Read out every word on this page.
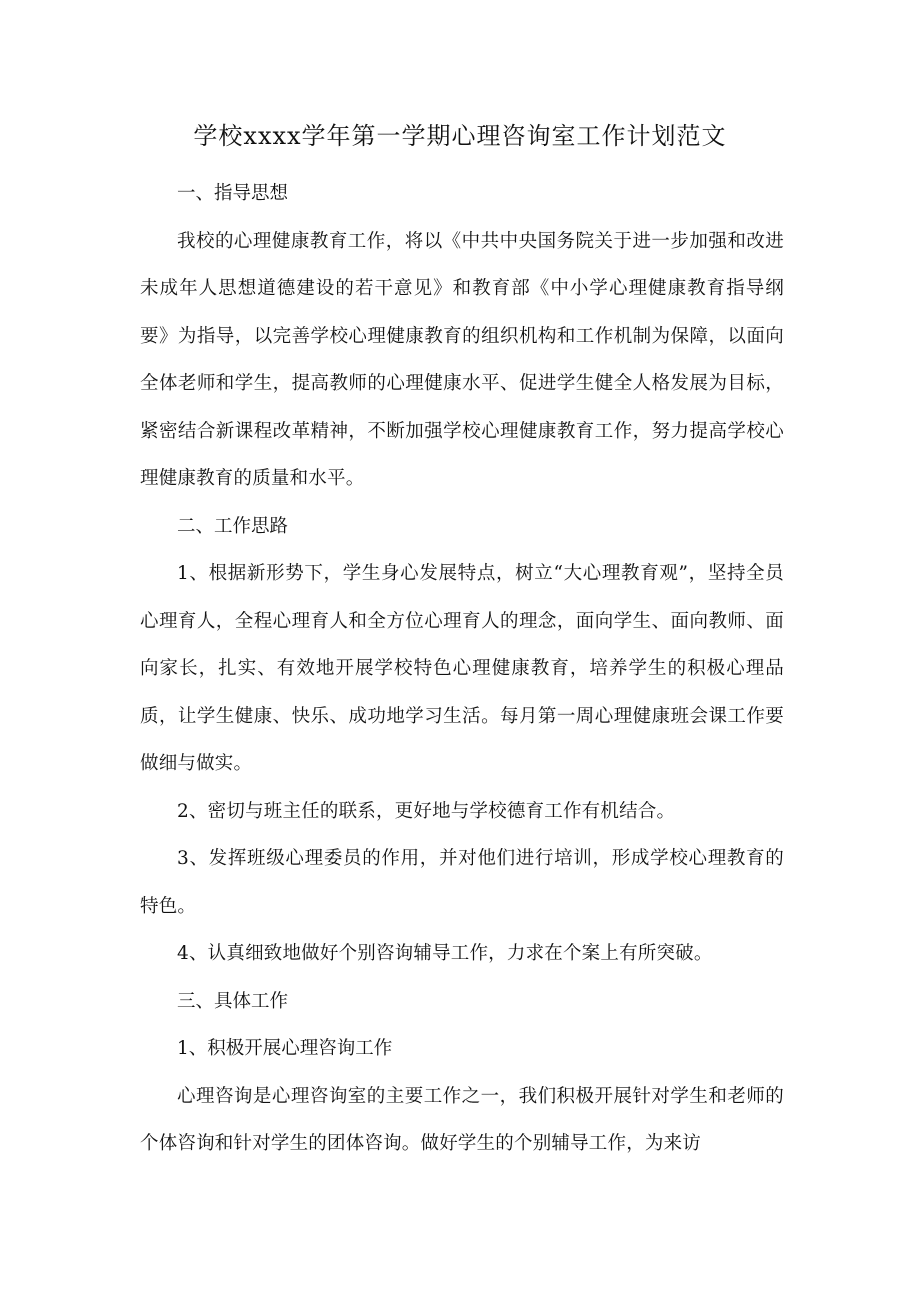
学校xxxx学年第一学期心理咨询室工作计划范文

一、指导思想

我校的心理健康教育工作，将以《中共中央国务院关于进一步加强和改进未成年人思想道德建设的若干意见》和教育部《中小学心理健康教育指导纲要》为指导，以完善学校心理健康教育的组织机构和工作机制为保障，以面向全体老师和学生，提高教师的心理健康水平、促进学生健全人格发展为目标，紧密结合新课程改革精神，不断加强学校心理健康教育工作，努力提高学校心理健康教育的质量和水平。

二、工作思路

1、根据新形势下，学生身心发展特点，树立“大心理教育观”，坚持全员心理育人，全程心理育人和全方位心理育人的理念，面向学生、面向教师、面向家长，扎实、有效地开展学校特色心理健康教育，培养学生的积极心理品质，让学生健康、快乐、成功地学习生活。每月第一周心理健康班会课工作要做细与做实。

2、密切与班主任的联系，更好地与学校德育工作有机结合。

3、发挥班级心理委员的作用，并对他们进行培训，形成学校心理教育的特色。

4、认真细致地做好个别咨询辅导工作，力求在个案上有所突破。

三、具体工作

1、积极开展心理咨询工作

心理咨询是心理咨询室的主要工作之一，我们积极开展针对学生和老师的个体咨询和针对学生的团体咨询。做好学生的个别辅导工作，为来访
